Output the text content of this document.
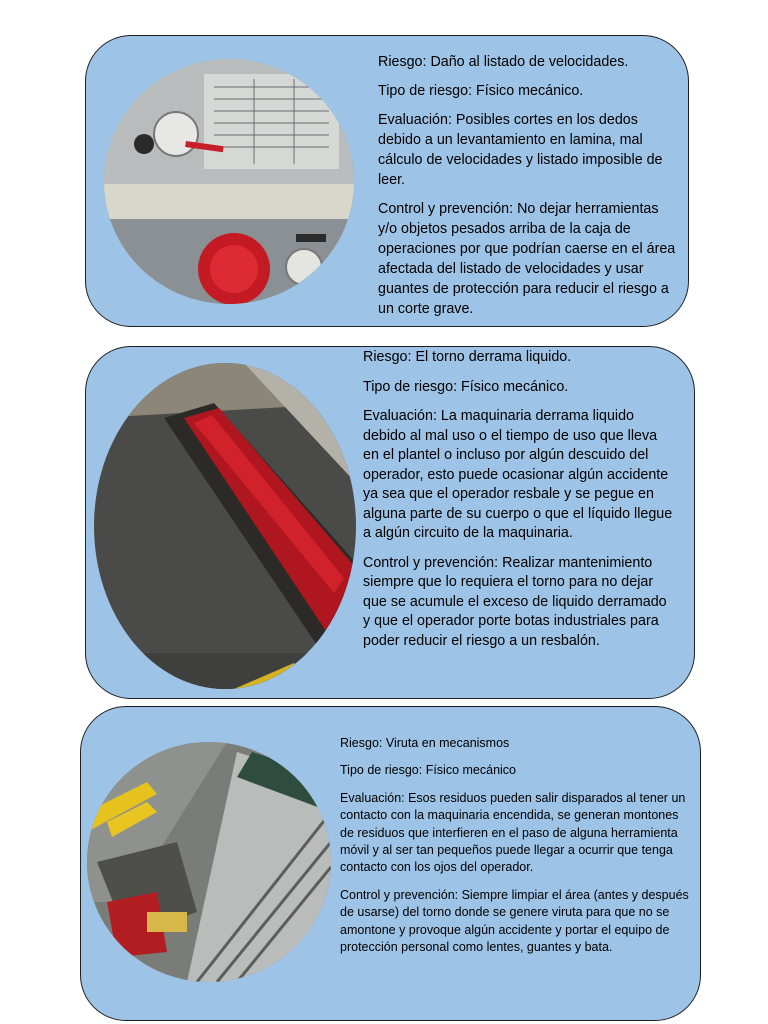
Riesgo: Daño al listado de velocidades.

Tipo de riesgo: Físico mecánico.

Evaluación: Posibles cortes en los dedos debido a un levantamiento en lamina, mal cálculo de velocidades y listado imposible de leer.

Control y prevención: No dejar herramientas y/o objetos pesados arriba de la caja de operaciones por que podrían caerse en el área afectada del listado de velocidades y usar guantes de protección para reducir el riesgo a un corte grave.

Riesgo: El torno derrama liquido.

Tipo de riesgo: Físico mecánico.

Evaluación: La maquinaria derrama liquido debido al mal uso o el tiempo de uso que lleva en el plantel o incluso por algún descuido del operador, esto puede ocasionar algún accidente ya sea que el operador resbale y se pegue en alguna parte de su cuerpo o que el líquido llegue a algún circuito de la maquinaria.

Control y prevención: Realizar mantenimiento siempre que lo requiera el torno para no dejar que se acumule el exceso de liquido derramado y que el operador porte botas industriales para poder reducir el riesgo a un resbalón.

Riesgo: Viruta en mecanismos

Tipo de riesgo: Físico mecánico

Evaluación: Esos residuos pueden salir disparados al tener un contacto con la maquinaria encendida, se generan montones de residuos que interfieren en el paso de alguna herramienta móvil y al ser tan pequeños puede llegar a ocurrir que tenga contacto con los ojos del operador.

Control y prevención: Siempre limpiar el área (antes y después de usarse) del torno donde se genere viruta para que no se amontone y provoque algún accidente y portar el equipo de protección personal como lentes, guantes y bata.
